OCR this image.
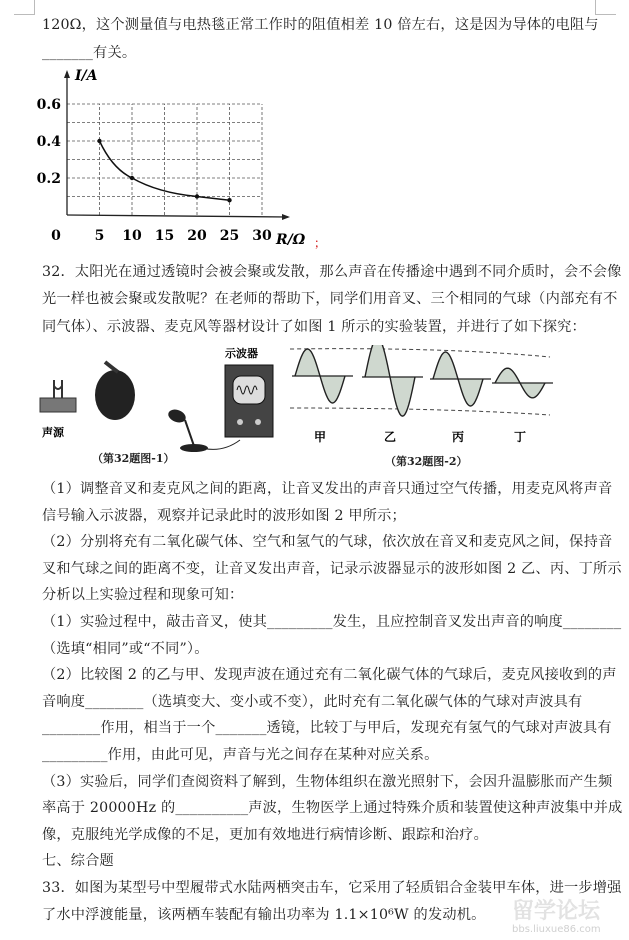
120Ω，这个测量值与电热毯正常工作时的阻值相差 10 倍左右，这是因为导体的电阻与
_______有关。
I/A
R/Ω ；
0 5 10 15 20 25 30
0.2
0.4
0.6
32．太阳光在通过透镜时会被会聚或发散，那么声音在传播途中遇到不同介质时，会不会像
光一样也被会聚或发散呢？在老师的帮助下，同学们用音叉、三个相同的气球（内部充有不
同气体）、示波器、麦克风等器材设计了如图 1 所示的实验装置，并进行了如下探究：
声源
示波器
（第32题图-1）
甲	乙	丙	丁
（第32题图-2）
（1）调整音叉和麦克风之间的距离，让音叉发出的声音只通过空气传播，用麦克风将声音
信号输入示波器，观察并记录此时的波形如图 2 甲所示；
（2）分别将充有二氧化碳气体、空气和氢气的气球，依次放在音叉和麦克风之间，保持音
叉和气球之间的距离不变，让音叉发出声音，记录示波器显示的波形如图 2 乙、丙、丁所示
分析以上实验过程和现象可知：
（1）实验过程中，敲击音叉，使其_________发生，且应控制音叉发出声音的响度________
（选填“相同”或“不同”）。
（2）比较图 2 的乙与甲、发现声波在通过充有二氧化碳气体的气球后，麦克风接收到的声
音响度________（选填变大、变小或不变），此时充有二氧化碳气体的气球对声波具有
________作用，相当于一个_______透镜，比较丁与甲后，发现充有氢气的气球对声波具有
_________作用，由此可见，声音与光之间存在某种对应关系。
（3）实验后，同学们查阅资料了解到，生物体组织在激光照射下，会因升温膨胀而产生频
率高于 20000Hz 的__________声波，生物医学上通过特殊介质和装置使这种声波集中并成
像，克服纯光学成像的不足，更加有效地进行病情诊断、跟踪和治疗。
七、综合题
33．如图为某型号中型履带式水陆两栖突击车，它采用了轻质铝合金装甲车体，进一步增强
了水中浮渡能量，该两栖车装配有输出功率为 1.1×10⁶W 的发动机。 留学论坛
bbs.liuxue86.com
